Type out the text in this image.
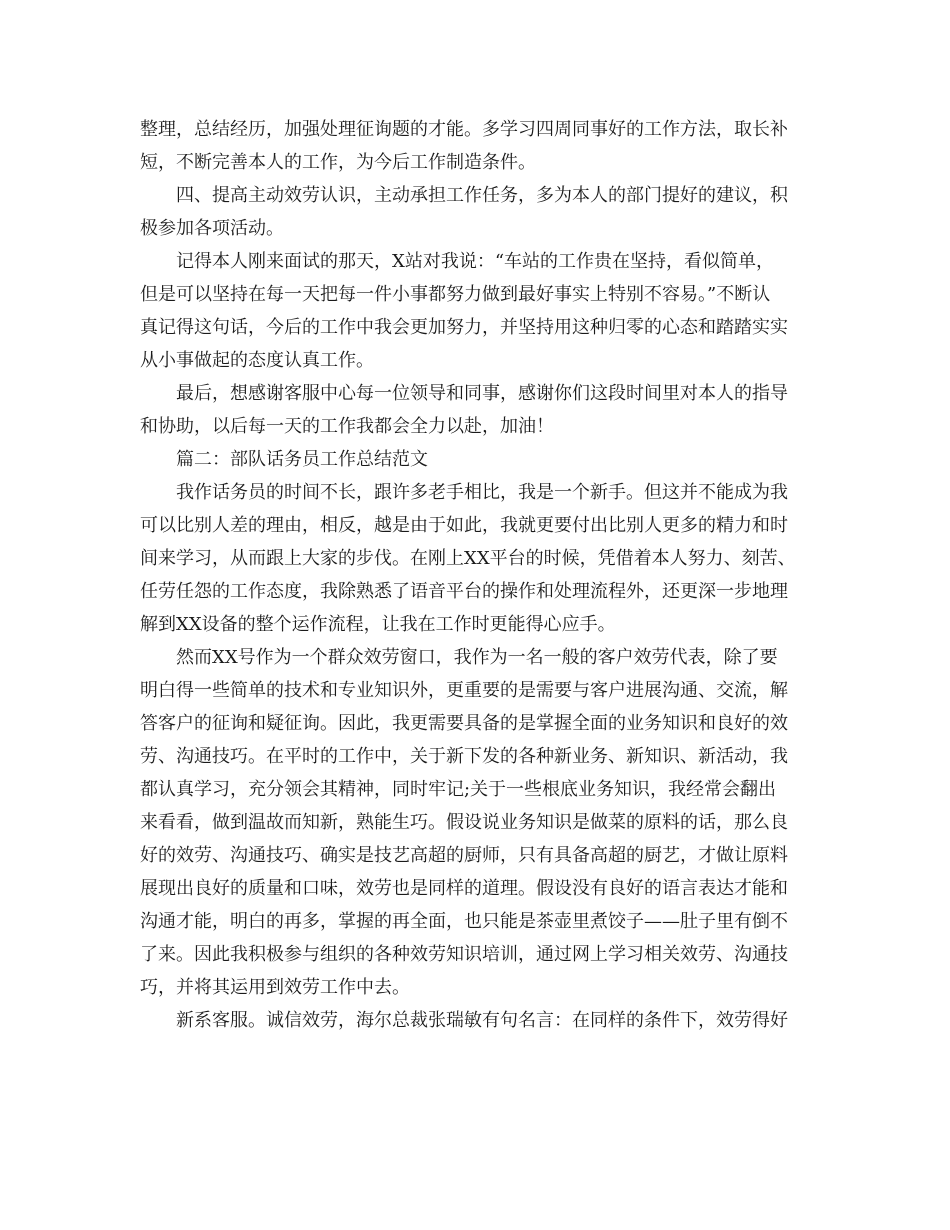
整理，总结经历，加强处理征询题的才能。多学习四周同事好的工作方法，取长补
短，不断完善本人的工作，为今后工作制造条件。
四、提高主动效劳认识，主动承担工作任务，多为本人的部门提好的建议，积
极参加各项活动。
记得本人刚来面试的那天，X站对我说：“车站的工作贵在坚持，看似简单，
但是可以坚持在每一天把每一件小事都努力做到最好事实上特别不容易。”不断认
真记得这句话，今后的工作中我会更加努力，并坚持用这种归零的心态和踏踏实实
从小事做起的态度认真工作。
最后，想感谢客服中心每一位领导和同事，感谢你们这段时间里对本人的指导
和协助，以后每一天的工作我都会全力以赴，加油！
篇二：部队话务员工作总结范文
我作话务员的时间不长，跟许多老手相比，我是一个新手。但这并不能成为我
可以比别人差的理由，相反，越是由于如此，我就更要付出比别人更多的精力和时
间来学习，从而跟上大家的步伐。在刚上XX平台的时候，凭借着本人努力、刻苦、
任劳任怨的工作态度，我除熟悉了语音平台的操作和处理流程外，还更深一步地理
解到XX设备的整个运作流程，让我在工作时更能得心应手。
然而XX号作为一个群众效劳窗口，我作为一名一般的客户效劳代表，除了要
明白得一些简单的技术和专业知识外，更重要的是需要与客户进展沟通、交流，解
答客户的征询和疑征询。因此，我更需要具备的是掌握全面的业务知识和良好的效
劳、沟通技巧。在平时的工作中，关于新下发的各种新业务、新知识、新活动，我
都认真学习，充分领会其精神，同时牢记;关于一些根底业务知识，我经常会翻出
来看看，做到温故而知新，熟能生巧。假设说业务知识是做菜的原料的话，那么良
好的效劳、沟通技巧、确实是技艺高超的厨师，只有具备高超的厨艺，才做让原料
展现出良好的质量和口味，效劳也是同样的道理。假设没有良好的语言表达才能和
沟通才能，明白的再多，掌握的再全面，也只能是茶壶里煮饺子——肚子里有倒不
了来。因此我积极参与组织的各种效劳知识培训，通过网上学习相关效劳、沟通技
巧，并将其运用到效劳工作中去。
新系客服。诚信效劳，海尔总裁张瑞敏有句名言：在同样的条件下，效劳得好
